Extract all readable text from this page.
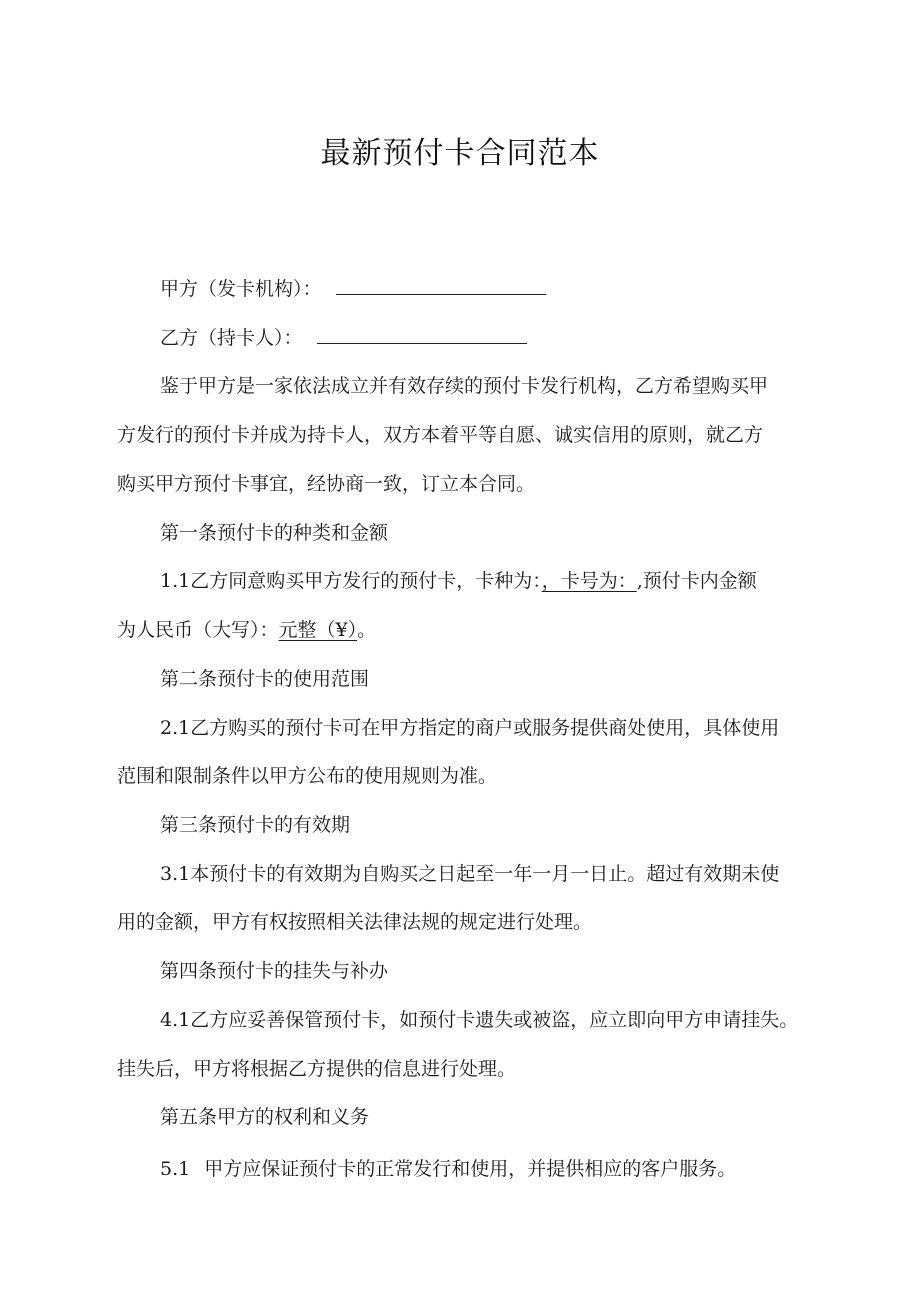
最新预付卡合同范本
甲方（发卡机构）：
乙方（持卡人）：
鉴于甲方是一家依法成立并有效存续的预付卡发行机构，乙方希望购买甲
方发行的预付卡并成为持卡人，双方本着平等自愿、诚实信用的原则，就乙方
购买甲方预付卡事宜，经协商一致，订立本合同。
第一条预付卡的种类和金额
1.1乙方同意购买甲方发行的预付卡，卡种为：，卡号为：,预付卡内金额
为人民币（大写）：元整（¥）。
第二条预付卡的使用范围
2.1乙方购买的预付卡可在甲方指定的商户或服务提供商处使用，具体使用
范围和限制条件以甲方公布的使用规则为准。
第三条预付卡的有效期
3.1本预付卡的有效期为自购买之日起至一年一月一日止。超过有效期未使
用的金额，甲方有权按照相关法律法规的规定进行处理。
第四条预付卡的挂失与补办
4.1乙方应妥善保管预付卡，如预付卡遗失或被盗，应立即向甲方申请挂失。
挂失后，甲方将根据乙方提供的信息进行处理。
第五条甲方的权利和义务
5.1 甲方应保证预付卡的正常发行和使用，并提供相应的客户服务。
